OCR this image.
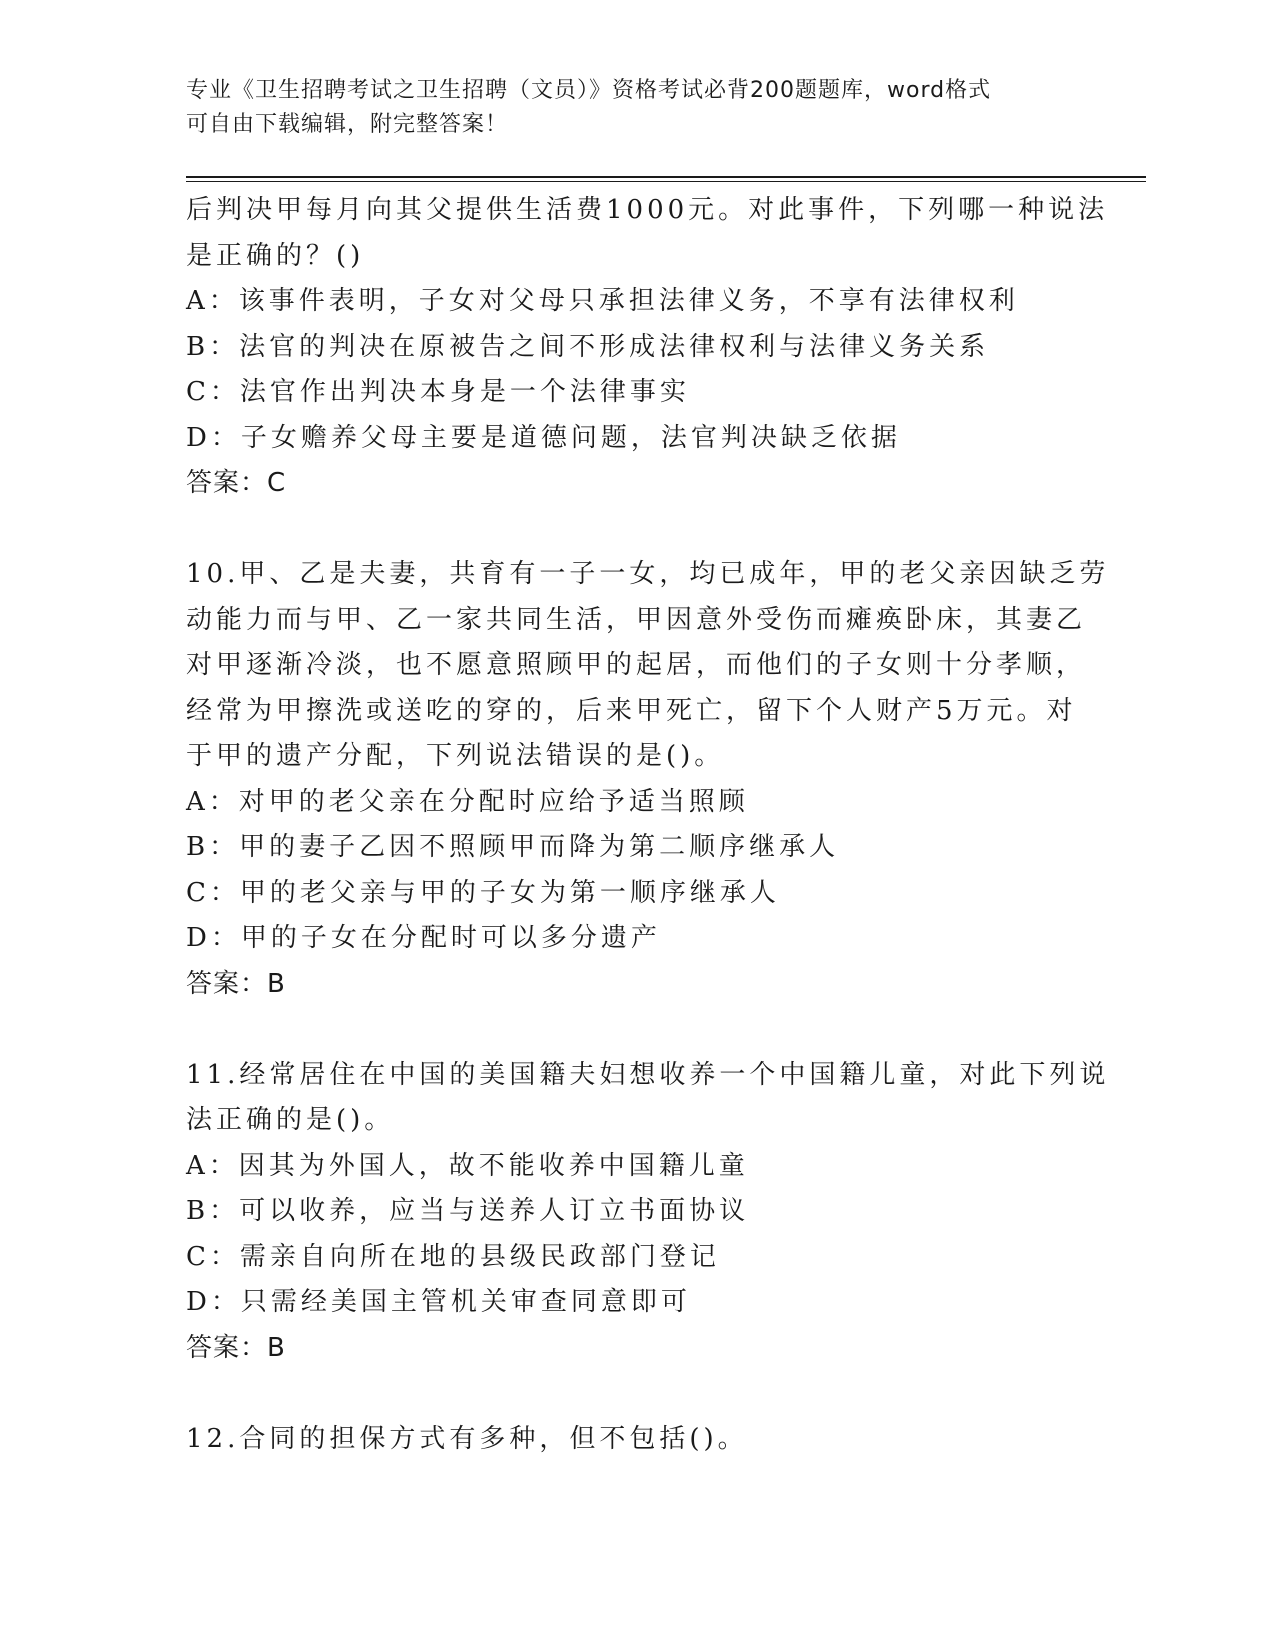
专业《卫生招聘考试之卫生招聘（文员）》资格考试必背200题题库，word格式
可自由下载编辑，附完整答案！
后判决甲每月向其父提供生活费1000元。对此事件，下列哪一种说法
是正确的？()
A：该事件表明，子女对父母只承担法律义务，不享有法律权利
B：法官的判决在原被告之间不形成法律权利与法律义务关系
C：法官作出判决本身是一个法律事实
D：子女赡养父母主要是道德问题，法官判决缺乏依据
答案：C
10.甲、乙是夫妻，共育有一子一女，均已成年，甲的老父亲因缺乏劳
动能力而与甲、乙一家共同生活，甲因意外受伤而瘫痪卧床，其妻乙
对甲逐渐冷淡，也不愿意照顾甲的起居，而他们的子女则十分孝顺，
经常为甲擦洗或送吃的穿的，后来甲死亡，留下个人财产5万元。对
于甲的遗产分配，下列说法错误的是()。
A：对甲的老父亲在分配时应给予适当照顾
B：甲的妻子乙因不照顾甲而降为第二顺序继承人
C：甲的老父亲与甲的子女为第一顺序继承人
D：甲的子女在分配时可以多分遗产
答案：B
11.经常居住在中国的美国籍夫妇想收养一个中国籍儿童，对此下列说
法正确的是()。
A：因其为外国人，故不能收养中国籍儿童
B：可以收养，应当与送养人订立书面协议
C：需亲自向所在地的县级民政部门登记
D：只需经美国主管机关审查同意即可
答案：B
12.合同的担保方式有多种，但不包括()。
